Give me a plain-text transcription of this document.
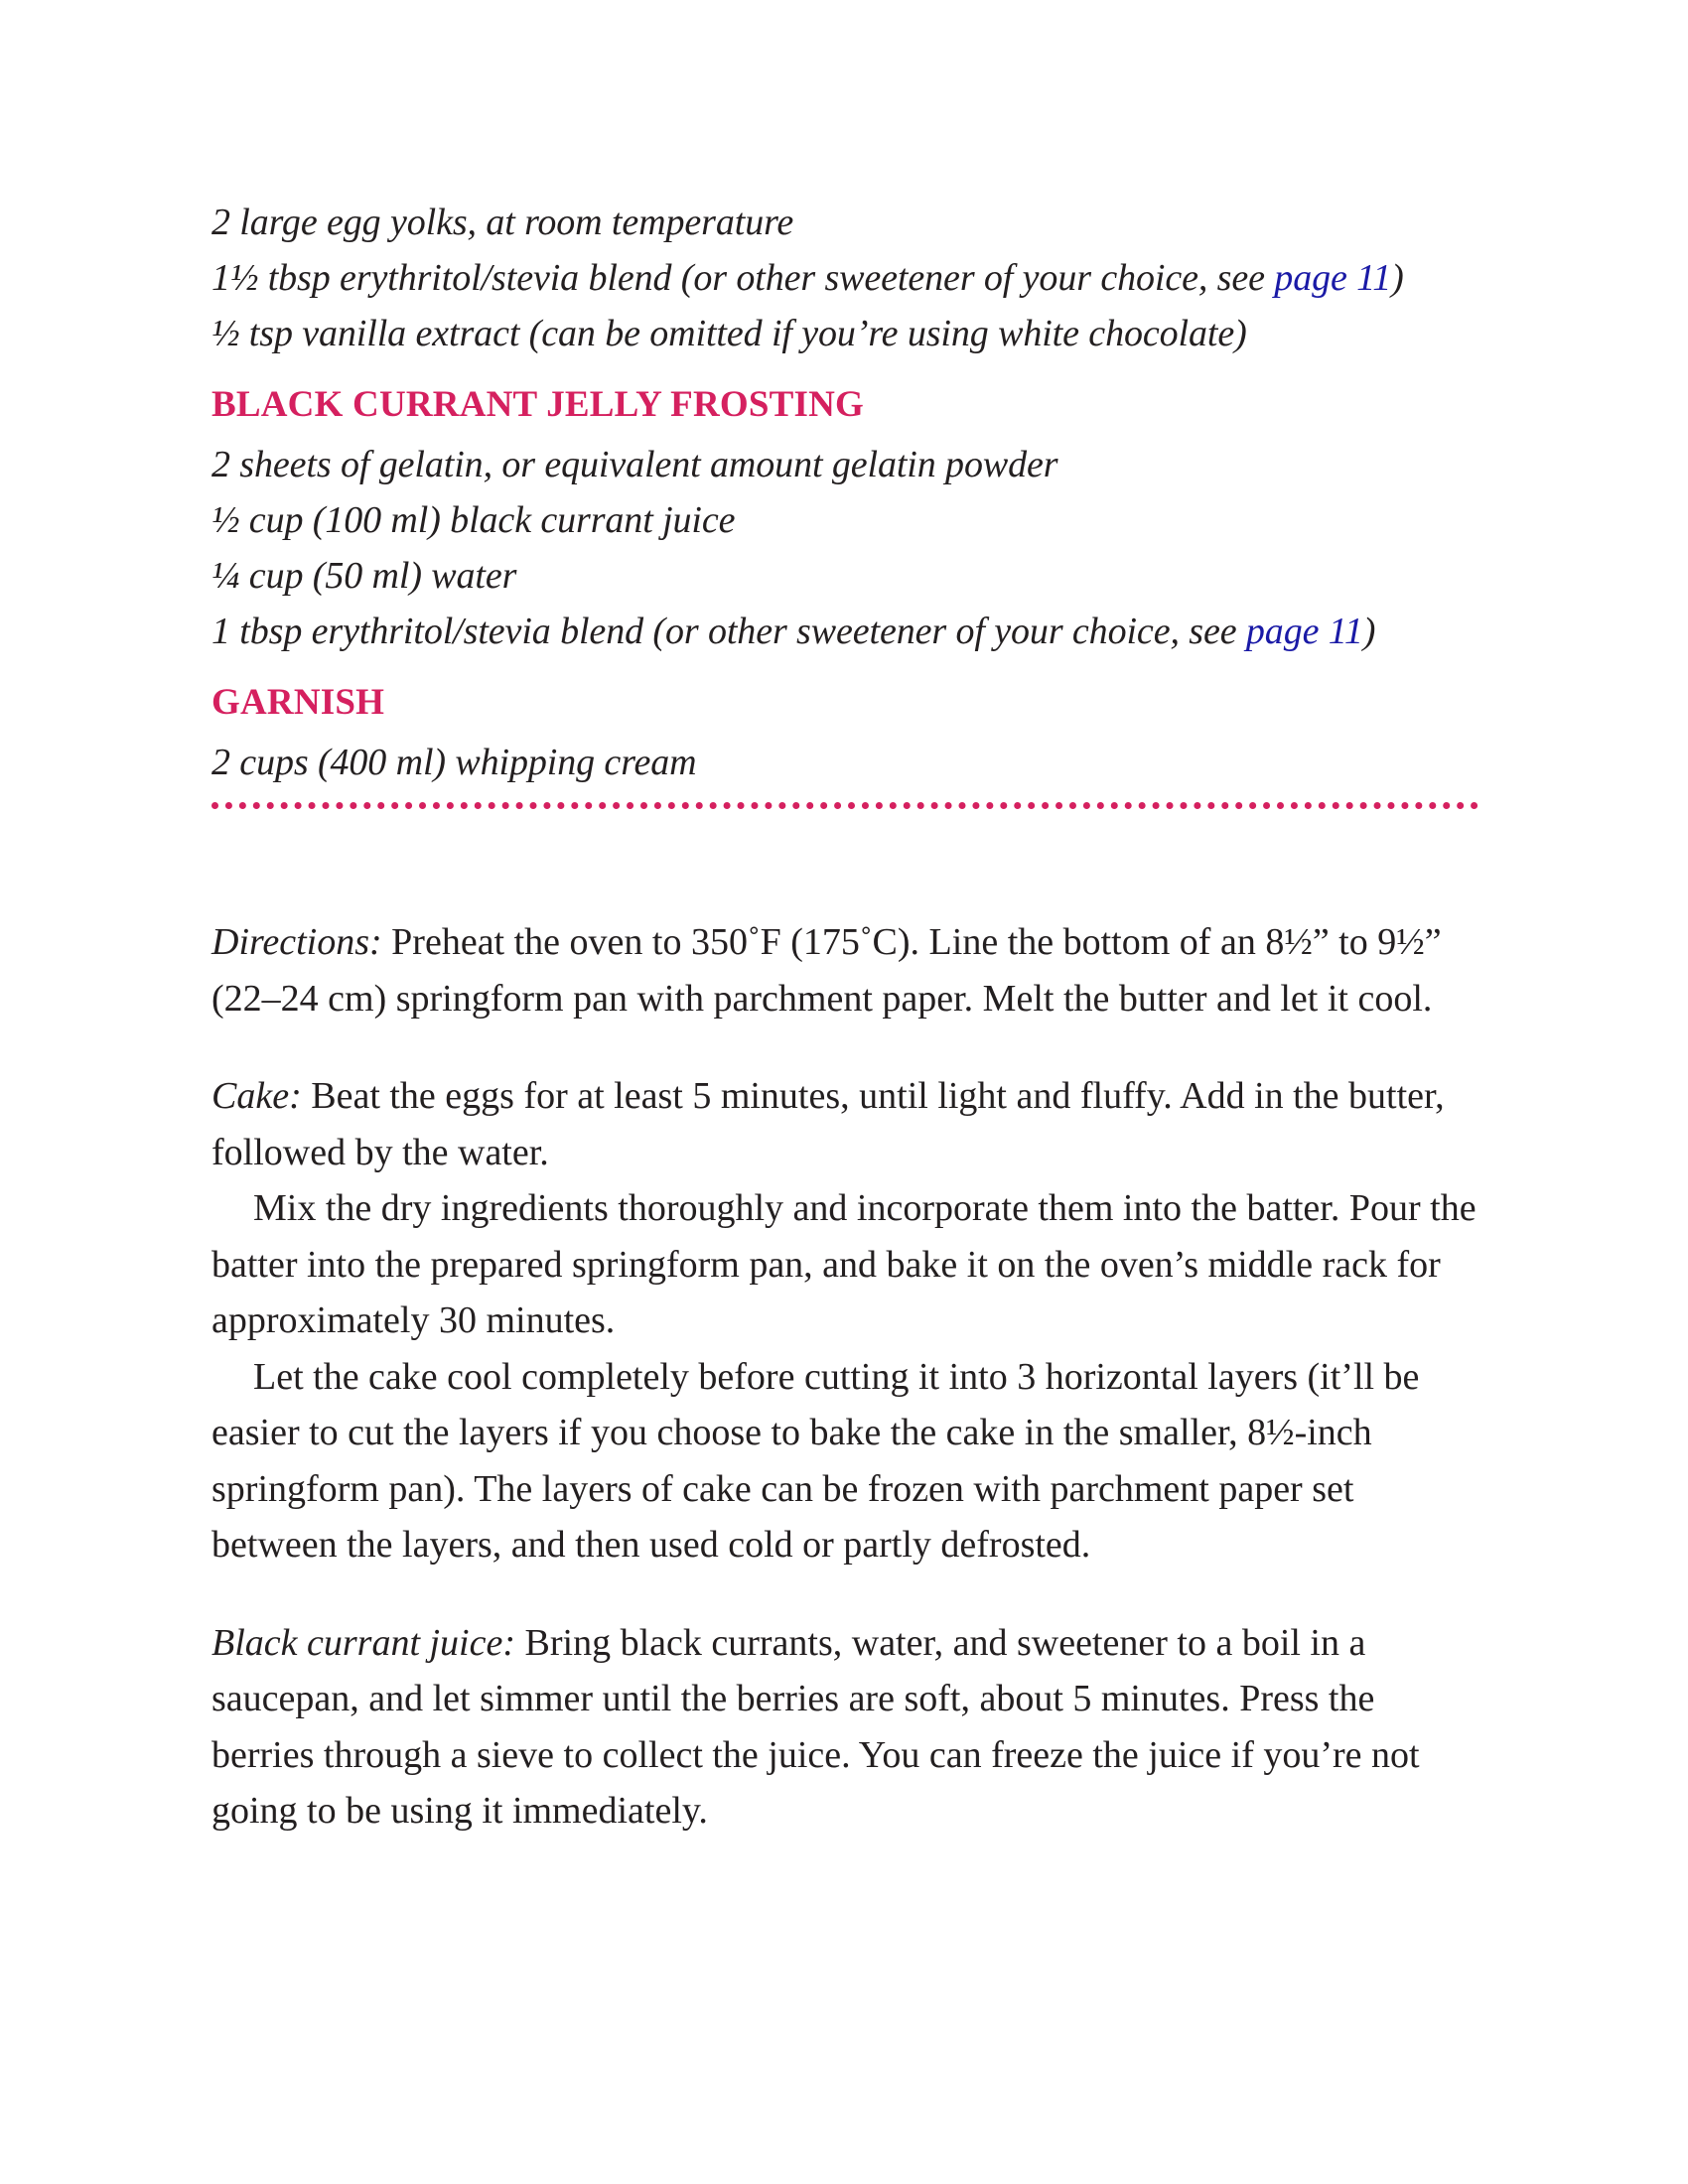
2 large egg yolks, at room temperature
1½ tbsp erythritol/stevia blend (or other sweetener of your choice, see page 11)
½ tsp vanilla extract (can be omitted if you’re using white chocolate)
BLACK CURRANT JELLY FROSTING
2 sheets of gelatin, or equivalent amount gelatin powder
½ cup (100 ml) black currant juice
¼ cup (50 ml) water
1 tbsp erythritol/stevia blend (or other sweetener of your choice, see page 11)
GARNISH
2 cups (400 ml) whipping cream

Directions: Preheat the oven to 350˚F (175˚C). Line the bottom of an 8½” to 9½” (22–24 cm) springform pan with parchment paper. Melt the butter and let it cool.

Cake: Beat the eggs for at least 5 minutes, until light and fluffy. Add in the butter, followed by the water.

Mix the dry ingredients thoroughly and incorporate them into the batter. Pour the batter into the prepared springform pan, and bake it on the oven’s middle rack for approximately 30 minutes.

Let the cake cool completely before cutting it into 3 horizontal layers (it’ll be easier to cut the layers if you choose to bake the cake in the smaller, 8½-inch springform pan). The layers of cake can be frozen with parchment paper set between the layers, and then used cold or partly defrosted.

Black currant juice: Bring black currants, water, and sweetener to a boil in a saucepan, and let simmer until the berries are soft, about 5 minutes. Press the berries through a sieve to collect the juice. You can freeze the juice if you’re not going to be using it immediately.
